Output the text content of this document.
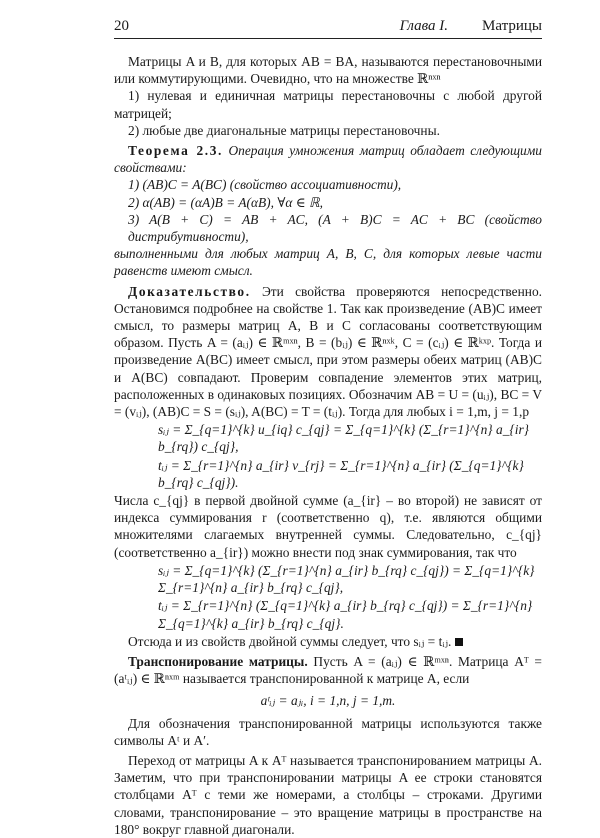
20	Глава I. Матрицы

Матрицы A и B, для которых AB = BA, называются перестановочными или коммутирующими. Очевидно, что на множестве ℝⁿˣⁿ

1) нулевая и единичная матрицы перестановочны с любой другой матрицей;

2) любые две диагональные матрицы перестановочны.

Теорема 2.3. Операция умножения матриц обладает следующими свойствами:

1) (AB)C = A(BC) (свойство ассоциативности),

2) α(AB) = (αA)B = A(αB), ∀α ∈ ℝ,

3) A(B + C) = AB + AC, (A + B)C = AC + BC (свойство дистрибутивности),

выполненными для любых матриц A, B, C, для которых левые части равенств имеют смысл.

Доказательство. Эти свойства проверяются непосредственно. Остановимся подробнее на свойстве 1. Так как произведение (AB)C имеет смысл, то размеры матриц A, B и C согласованы соответствующим образом. Пусть A = (aᵢⱼ) ∈ ℝᵐˣⁿ, B = (bᵢⱼ) ∈ ℝⁿˣᵏ, C = (cᵢⱼ) ∈ ℝᵏˣᵖ. Тогда и произведение A(BC) имеет смысл, при этом размеры обеих матриц (AB)C и A(BC) совпадают. Проверим совпадение элементов этих матриц, расположенных в одинаковых позициях. Обозначим AB = U = (uᵢⱼ), BC = V = (vᵢⱼ), (AB)C = S = (sᵢⱼ), A(BC) = T = (tᵢⱼ). Тогда для любых i = 1,m, j = 1,p

sᵢⱼ = Σ_{q=1}^{k} u_{iq} c_{qj} = Σ_{q=1}^{k} (Σ_{r=1}^{n} a_{ir} b_{rq}) c_{qj},

tᵢⱼ = Σ_{r=1}^{n} a_{ir} v_{rj} = Σ_{r=1}^{n} a_{ir} (Σ_{q=1}^{k} b_{rq} c_{qj}).

Числа c_{qj} в первой двойной сумме (a_{ir} – во второй) не зависят от индекса суммирования r (соответственно q), т.е. являются общими множителями слагаемых внутренней суммы. Следовательно, c_{qj} (соответственно a_{ir}) можно внести под знак суммирования, так что

sᵢⱼ = Σ_{q=1}^{k} (Σ_{r=1}^{n} a_{ir} b_{rq} c_{qj}) = Σ_{q=1}^{k} Σ_{r=1}^{n} a_{ir} b_{rq} c_{qj},

tᵢⱼ = Σ_{r=1}^{n} (Σ_{q=1}^{k} a_{ir} b_{rq} c_{qj}) = Σ_{r=1}^{n} Σ_{q=1}^{k} a_{ir} b_{rq} c_{qj}.

Отсюда и из свойств двойной суммы следует, что sᵢⱼ = tᵢⱼ.

Транспонирование матрицы. Пусть A = (aᵢⱼ) ∈ ℝᵐˣⁿ. Матрица Aᵀ = (aᵗᵢⱼ) ∈ ℝⁿˣᵐ называется транспонированной к матрице A, если

aᵗᵢⱼ = aⱼᵢ, i = 1,n, j = 1,m.

Для обозначения транспонированной матрицы используются также символы Aᵗ и A′.

Переход от матрицы A к Aᵀ называется транспонированием матрицы A. Заметим, что при транспонировании матрицы A ее строки становятся столбцами Aᵀ с теми же номерами, а столбцы – строками. Другими словами, транспонирование – это вращение матрицы в пространстве на 180° вокруг главной диагонали.
